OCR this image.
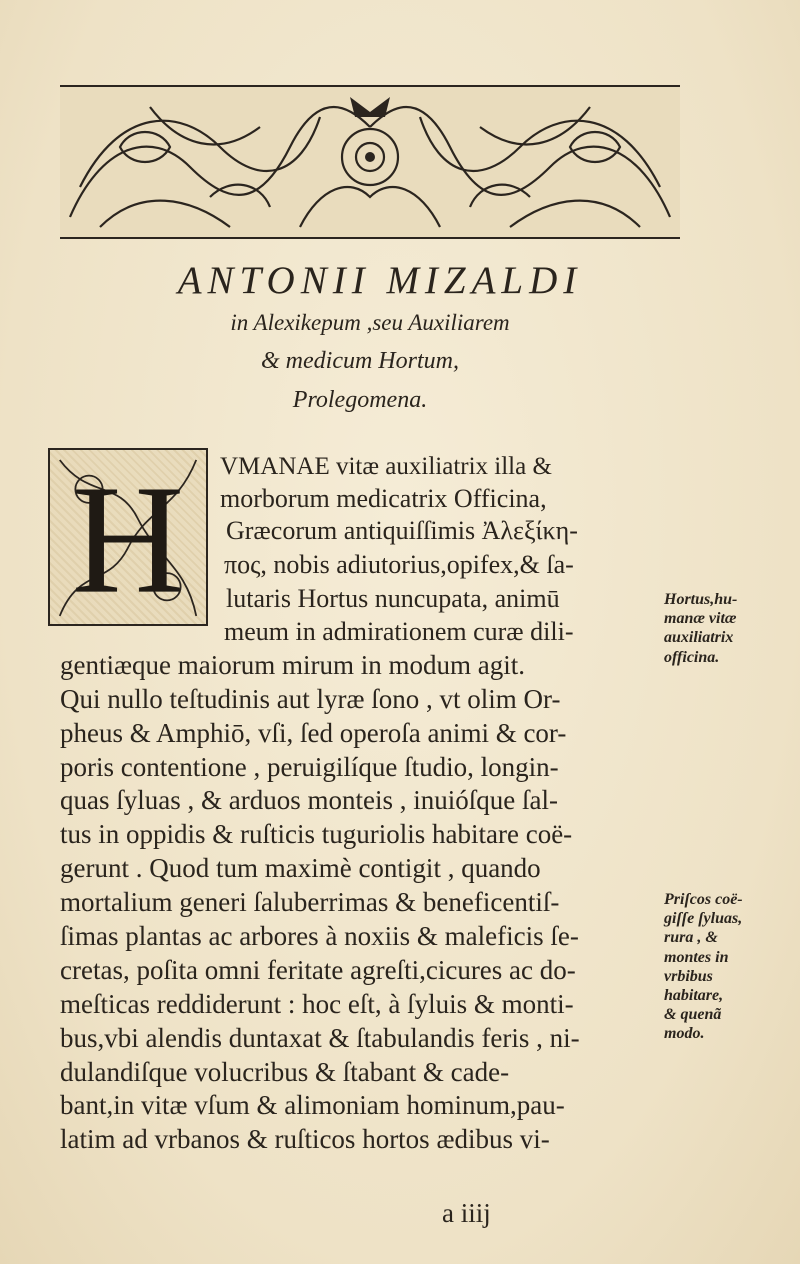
ANTONII MIZALDI
in Alexikepum ,seu Auxiliarem
& medicum Hortum,
Prolegomena.
H VMANAE vitæ auxiliatrix illa &
morborum medicatrix Officina,
Græcorum antiquiſſimis Ἀλεξίκη-
πος, nobis adiutorius,opifex,& ſa-
lutaris Hortus nuncupata, animū
meum in admirationem curæ dili-
gentiæque maiorum mirum in modum agit.
Qui nullo teſtudinis aut lyræ ſono , vt olim Or-
pheus & Amphiō, vſi, ſed operoſa animi & cor-
poris contentione , peruigilíque ſtudio, longin-
quas ſyluas , & arduos monteis , inuióſque ſal-
tus in oppidis & ruſticis tuguriolis habitare coë-
gerunt . Quod tum maximè contigit , quando
mortalium generi ſaluberrimas & beneficentiſ-
ſimas plantas ac arbores à noxiis & maleficis ſe-
cretas, poſita omni feritate agreſti,cicures ac do-
meſticas reddiderunt : hoc eſt, à ſyluis & monti-
bus,vbi alendis duntaxat & ſtabulandis feris , ni-
dulandiſque volucribus & ſtabant & cade-
bant,in vitæ vſum & alimoniam hominum,pau-
latim ad vrbanos & ruſticos hortos ædibus vi-
a iiij
Hortus,hu-
manæ vitæ
auxiliatrix
officina.
Priſcos coë-
giſſe ſyluas,
rura , &
montes in
vrbibus
habitare,
& quenã
modo.
